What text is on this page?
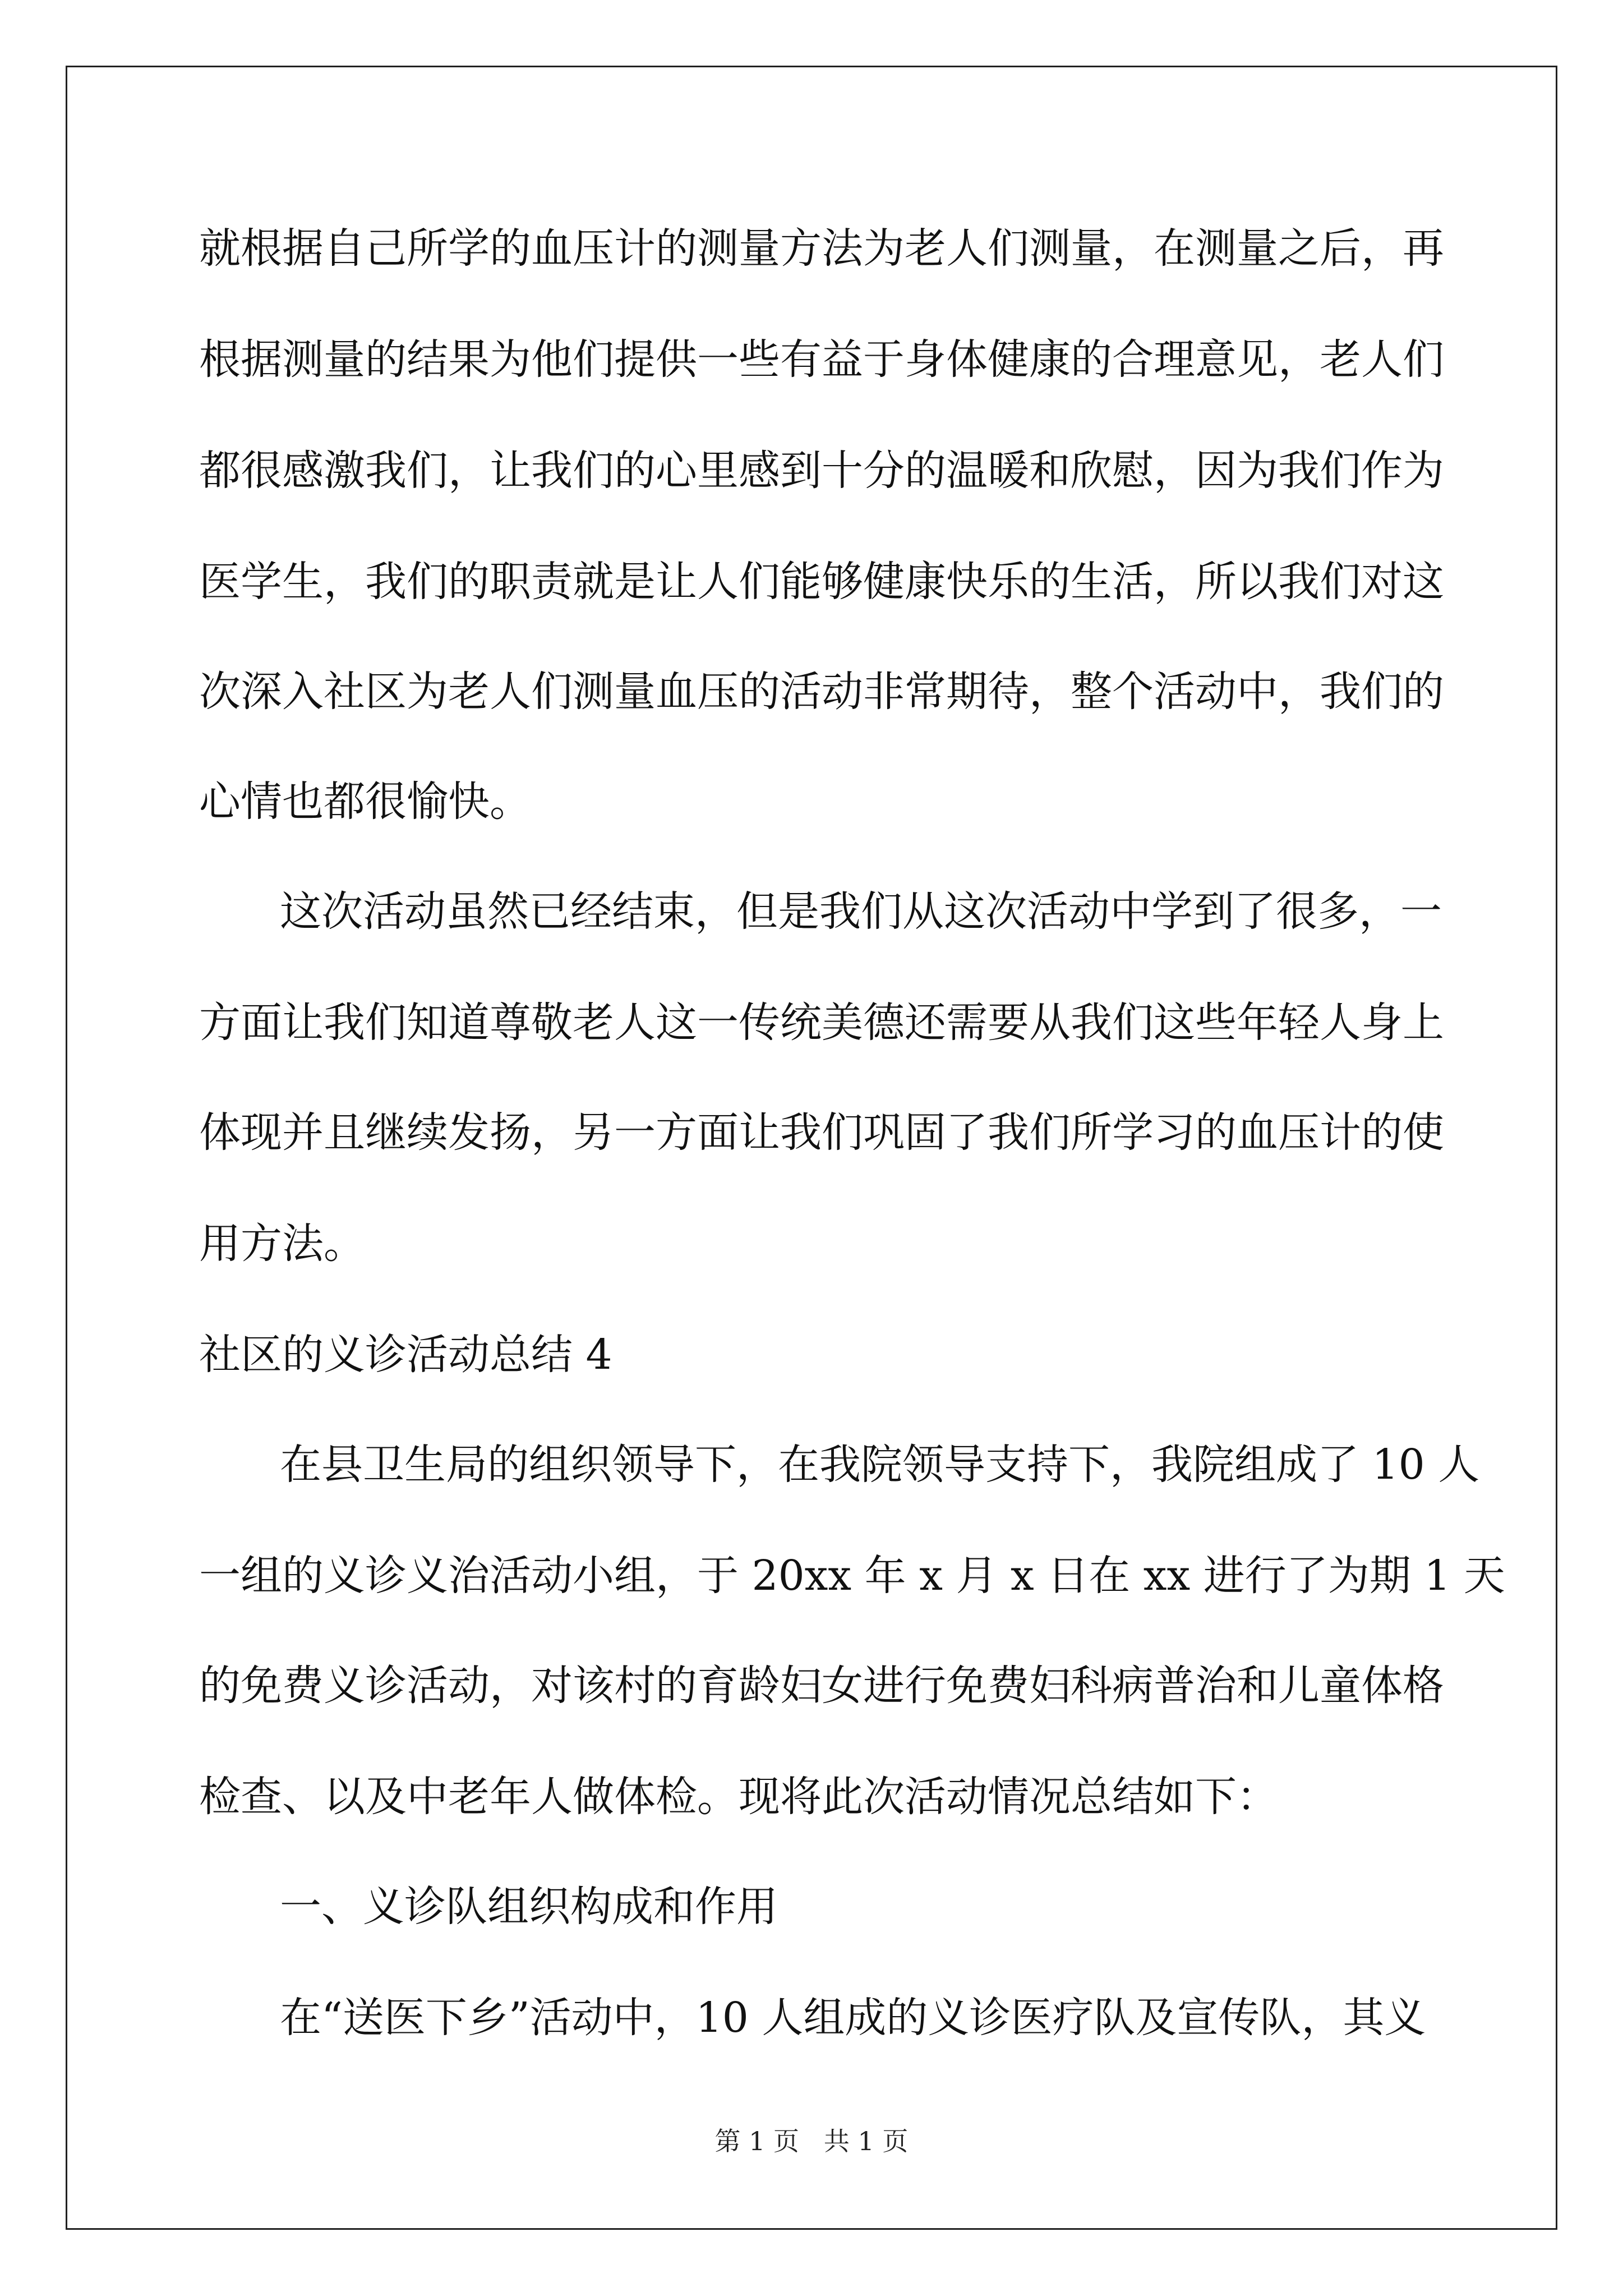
就根据自己所学的血压计的测量方法为老人们测量，在测量之后，再
根据测量的结果为他们提供一些有益于身体健康的合理意见，老人们
都很感激我们，让我们的心里感到十分的温暖和欣慰，因为我们作为
医学生，我们的职责就是让人们能够健康快乐的生活，所以我们对这
次深入社区为老人们测量血压的活动非常期待，整个活动中，我们的
心情也都很愉快。
这次活动虽然已经结束，但是我们从这次活动中学到了很多，一
方面让我们知道尊敬老人这一传统美德还需要从我们这些年轻人身上
体现并且继续发扬，另一方面让我们巩固了我们所学习的血压计的使
用方法。
社区的义诊活动总结 4
在县卫生局的组织领导下，在我院领导支持下，我院组成了 10 人
一组的义诊义治活动小组，于 20xx 年 x 月 x 日在 xx 进行了为期 1 天
的免费义诊活动，对该村的育龄妇女进行免费妇科病普治和儿童体格
检查、以及中老年人做体检。现将此次活动情况总结如下：
一、义诊队组织构成和作用
在“送医下乡”活动中，10 人组成的义诊医疗队及宣传队，其义
第 1 页   共 1 页
